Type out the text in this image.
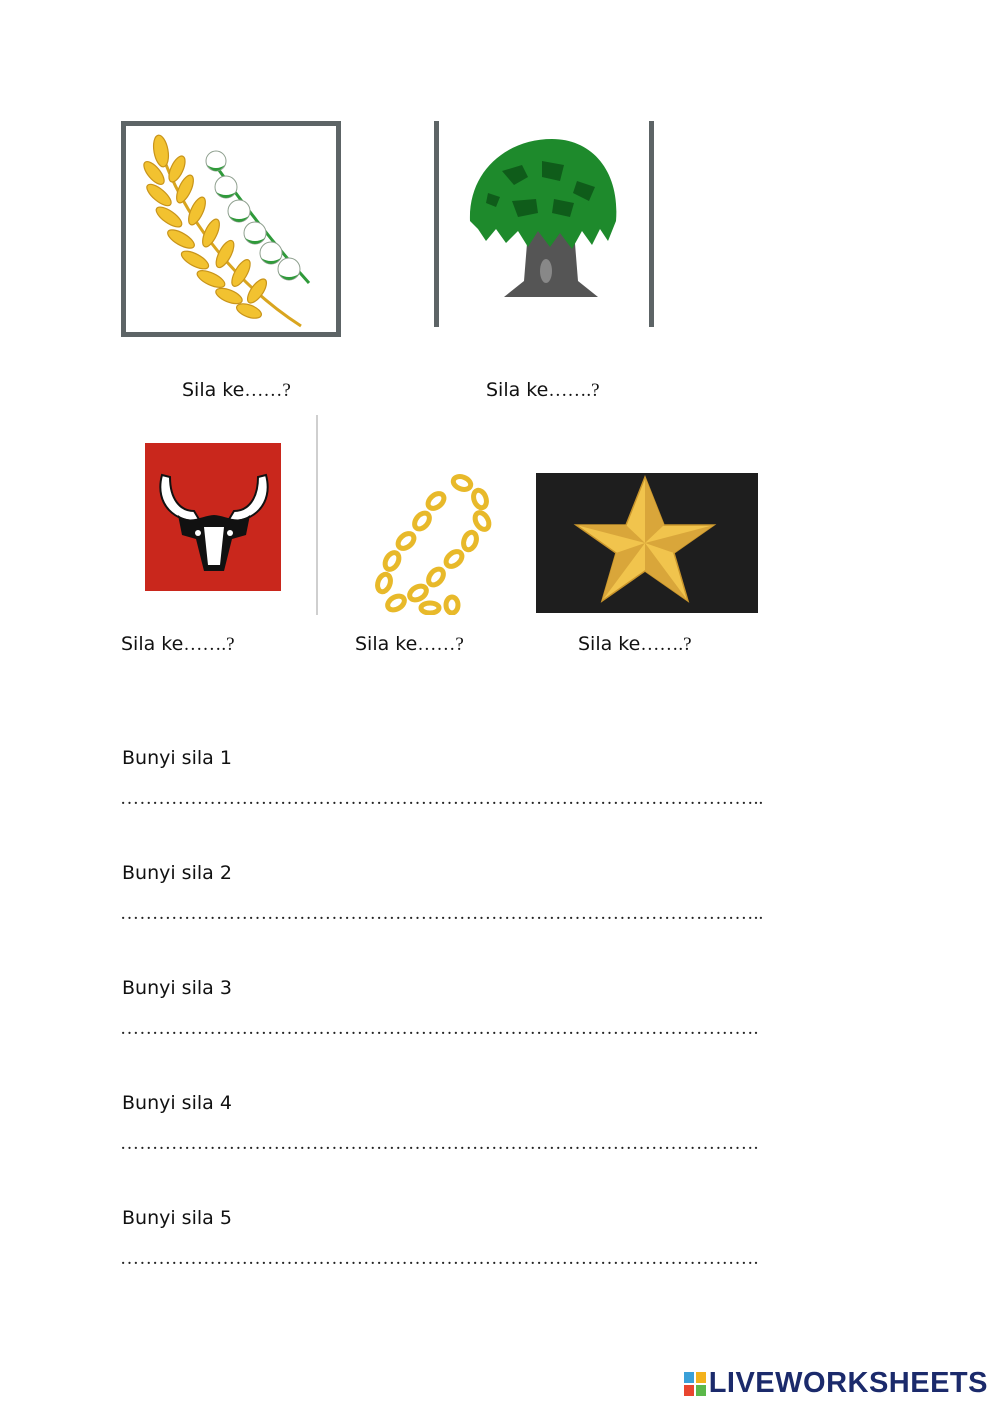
Sila ke……?	Sila ke…….?
Sila ke…….?	Sila ke……?	Sila ke…….?
Bunyi sila 1
………………………………………………………………………………………..
Bunyi sila 2
………………………………………………………………………………………..
Bunyi sila 3
……………………………………………………………………………………….
Bunyi sila 4
……………………………………………………………………………………….
Bunyi sila 5
……………………………………………………………………………………….
LIVEWORKSHEETS
